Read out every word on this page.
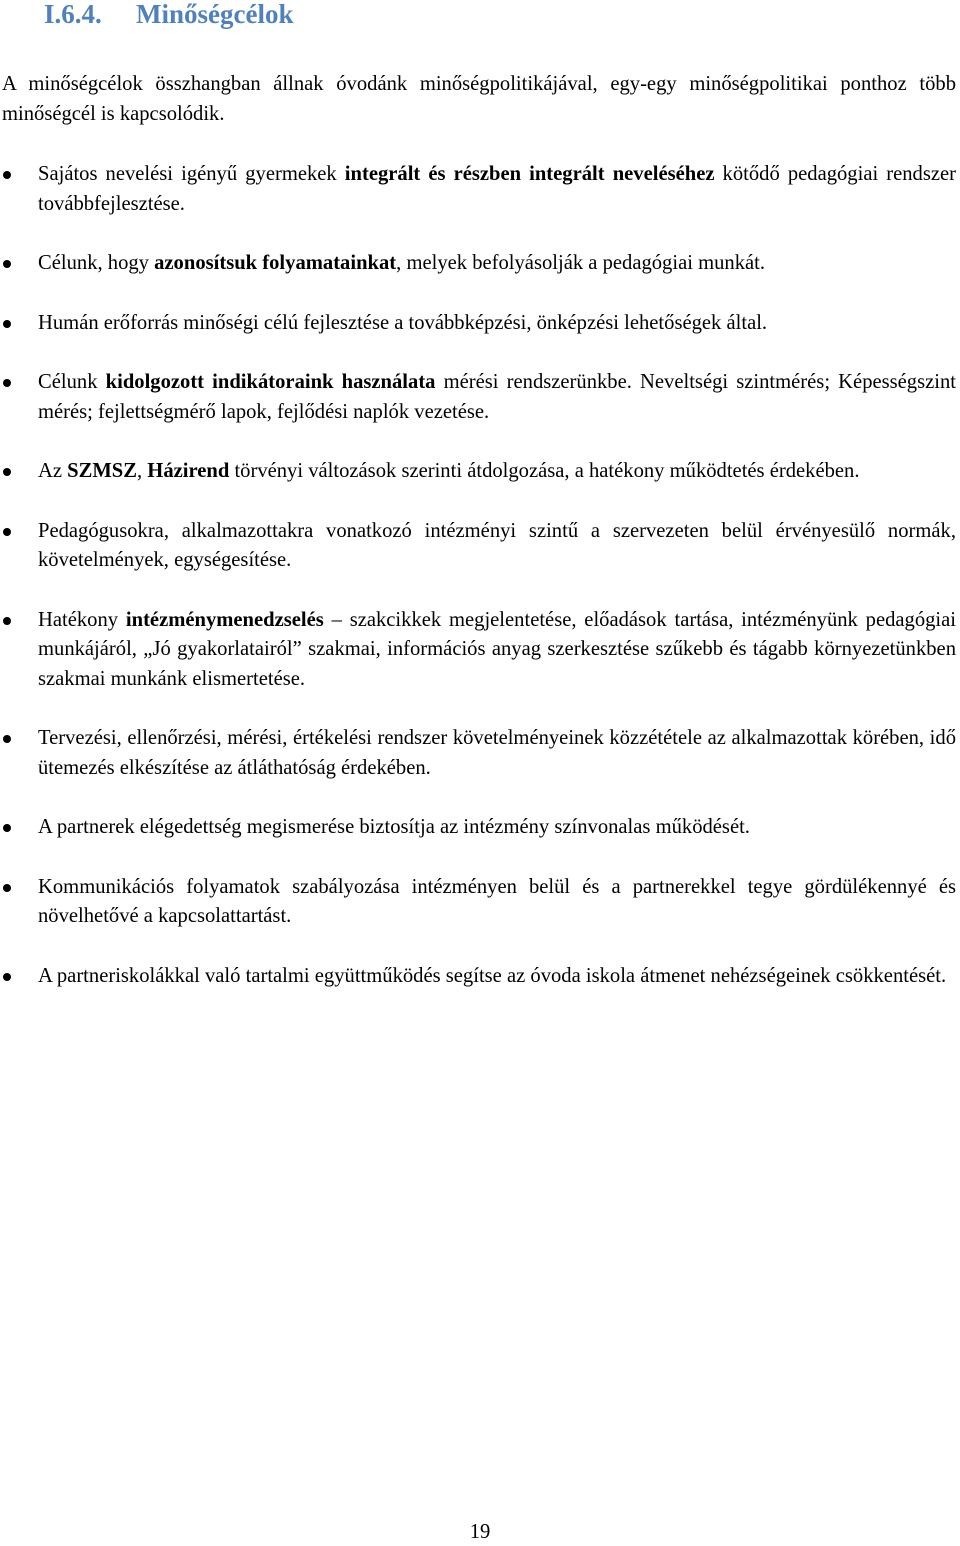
I.6.4. Minőségcélok

A minőségcélok összhangban állnak óvodánk minőségpolitikájával, egy-egy minőségpolitikai ponthoz több minőségcél is kapcsolódik.

Sajátos nevelési igényű gyermekek integrált és részben integrált neveléséhez kötődő pedagógiai rendszer továbbfejlesztése.
Célunk, hogy azonosítsuk folyamatainkat, melyek befolyásolják a pedagógiai munkát.
Humán erőforrás minőségi célú fejlesztése a továbbképzési, önképzési lehetőségek által.
Célunk kidolgozott indikátoraink használata mérési rendszerünkbe. Neveltségi szintmérés; Képességszint mérés; fejlettségmérő lapok, fejlődési naplók vezetése.
Az SZMSZ, Házirend törvényi változások szerinti átdolgozása, a hatékony működtetés érdekében.
Pedagógusokra, alkalmazottakra vonatkozó intézményi szintű a szervezeten belül érvényesülő normák, követelmények, egységesítése.
Hatékony intézménymenedzselés – szakcikkek megjelentetése, előadások tartása, intézményünk pedagógiai munkájáról, „Jó gyakorlatairól” szakmai, információs anyag szerkesztése szűkebb és tágabb környezetünkben szakmai munkánk elismertetése.
Tervezési, ellenőrzési, mérési, értékelési rendszer követelményeinek közzététele az alkalmazottak körében, idő ütemezés elkészítése az átláthatóság érdekében.
A partnerek elégedettség megismerése biztosítja az intézmény színvonalas működését.
Kommunikációs folyamatok szabályozása intézményen belül és a partnerekkel tegye gördülékennyé és növelhetővé a kapcsolattartást.
A partneriskolákkal való tartalmi együttműködés segítse az óvoda iskola átmenet nehézségeinek csökkentését.
19
